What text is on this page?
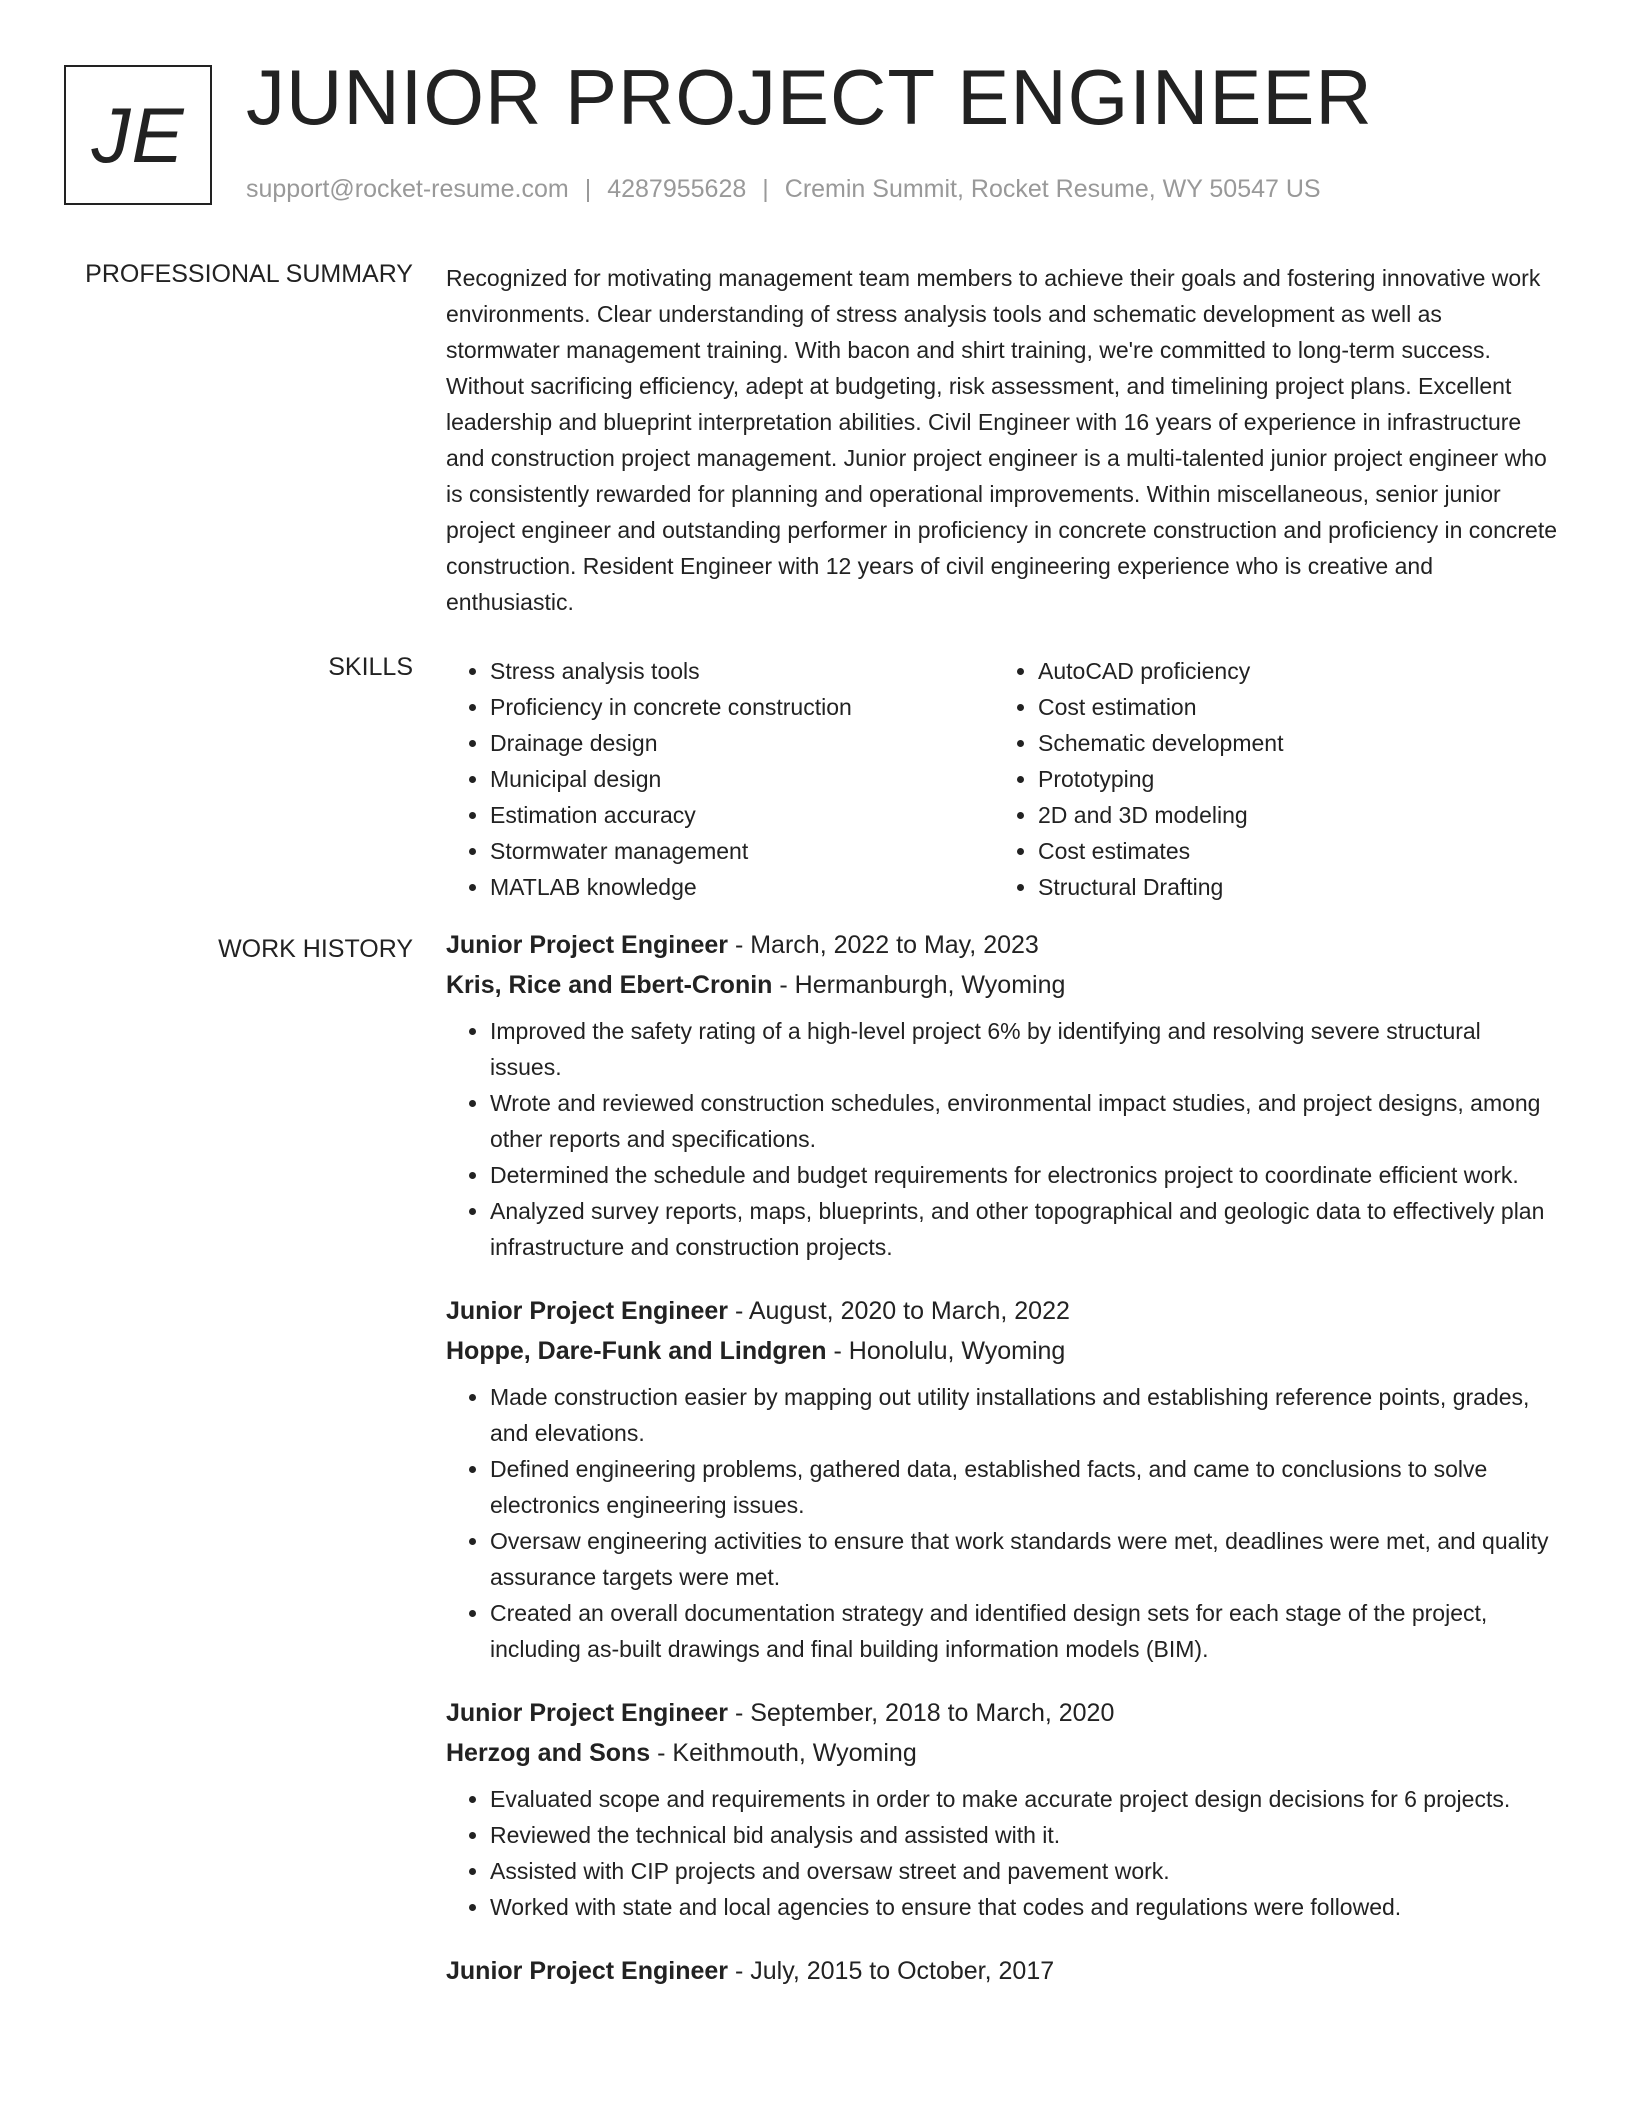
JE JUNIOR PROJECT ENGINEER
support@rocket-resume.com | 4287955628 | Cremin Summit, Rocket Resume, WY 50547 US
PROFESSIONAL SUMMARY Recognized for motivating management team members to achieve their goals and fostering innovative work environments. Clear understanding of stress analysis tools and schematic development as well as stormwater management training. With bacon and shirt training, we're committed to long-term success. Without sacrificing efficiency, adept at budgeting, risk assessment, and timelining project plans. Excellent leadership and blueprint interpretation abilities. Civil Engineer with 16 years of experience in infrastructure and construction project management. Junior project engineer is a multi-talented junior project engineer who is consistently rewarded for planning and operational improvements. Within miscellaneous, senior junior project engineer and outstanding performer in proficiency in concrete construction and proficiency in concrete construction. Resident Engineer with 12 years of civil engineering experience who is creative and enthusiastic.

SKILLS
•	Stress analysis tools
• Proficiency in concrete construction
• Drainage design
• Municipal design
• Estimation accuracy
• Stormwater management
• MATLAB knowledge
• AutoCAD proficiency
• Cost estimation
• Schematic development
• Prototyping
• 2D and 3D modeling
• Cost estimates
• Structural Drafting
WORK HISTORY Junior Project Engineer - March, 2022 to May, 2023
Kris, Rice and Ebert-Cronin - Hermanburgh, Wyoming
• Improved the safety rating of a high-level project 6% by identifying and resolving severe structural issues.
• Wrote and reviewed construction schedules, environmental impact studies, and project designs, among other reports and specifications.
• Determined the schedule and budget requirements for electronics project to coordinate efficient work.
• Analyzed survey reports, maps, blueprints, and other topographical and geologic data to effectively plan infrastructure and construction projects.
Junior Project Engineer - August, 2020 to March, 2022
Hoppe, Dare-Funk and Lindgren - Honolulu, Wyoming
• Made construction easier by mapping out utility installations and establishing reference points, grades, and elevations.
• Defined engineering problems, gathered data, established facts, and came to conclusions to solve electronics engineering issues.
• Oversaw engineering activities to ensure that work standards were met, deadlines were met, and quality assurance targets were met.
• Created an overall documentation strategy and identified design sets for each stage of the project, including as-built drawings and final building information models (BIM).
Junior Project Engineer - September, 2018 to March, 2020
Herzog and Sons - Keithmouth, Wyoming
• Evaluated scope and requirements in order to make accurate project design decisions for 6 projects.
• Reviewed the technical bid analysis and assisted with it.
• Assisted with CIP projects and oversaw street and pavement work.
• Worked with state and local agencies to ensure that codes and regulations were followed.
Junior Project Engineer - July, 2015 to October, 2017
